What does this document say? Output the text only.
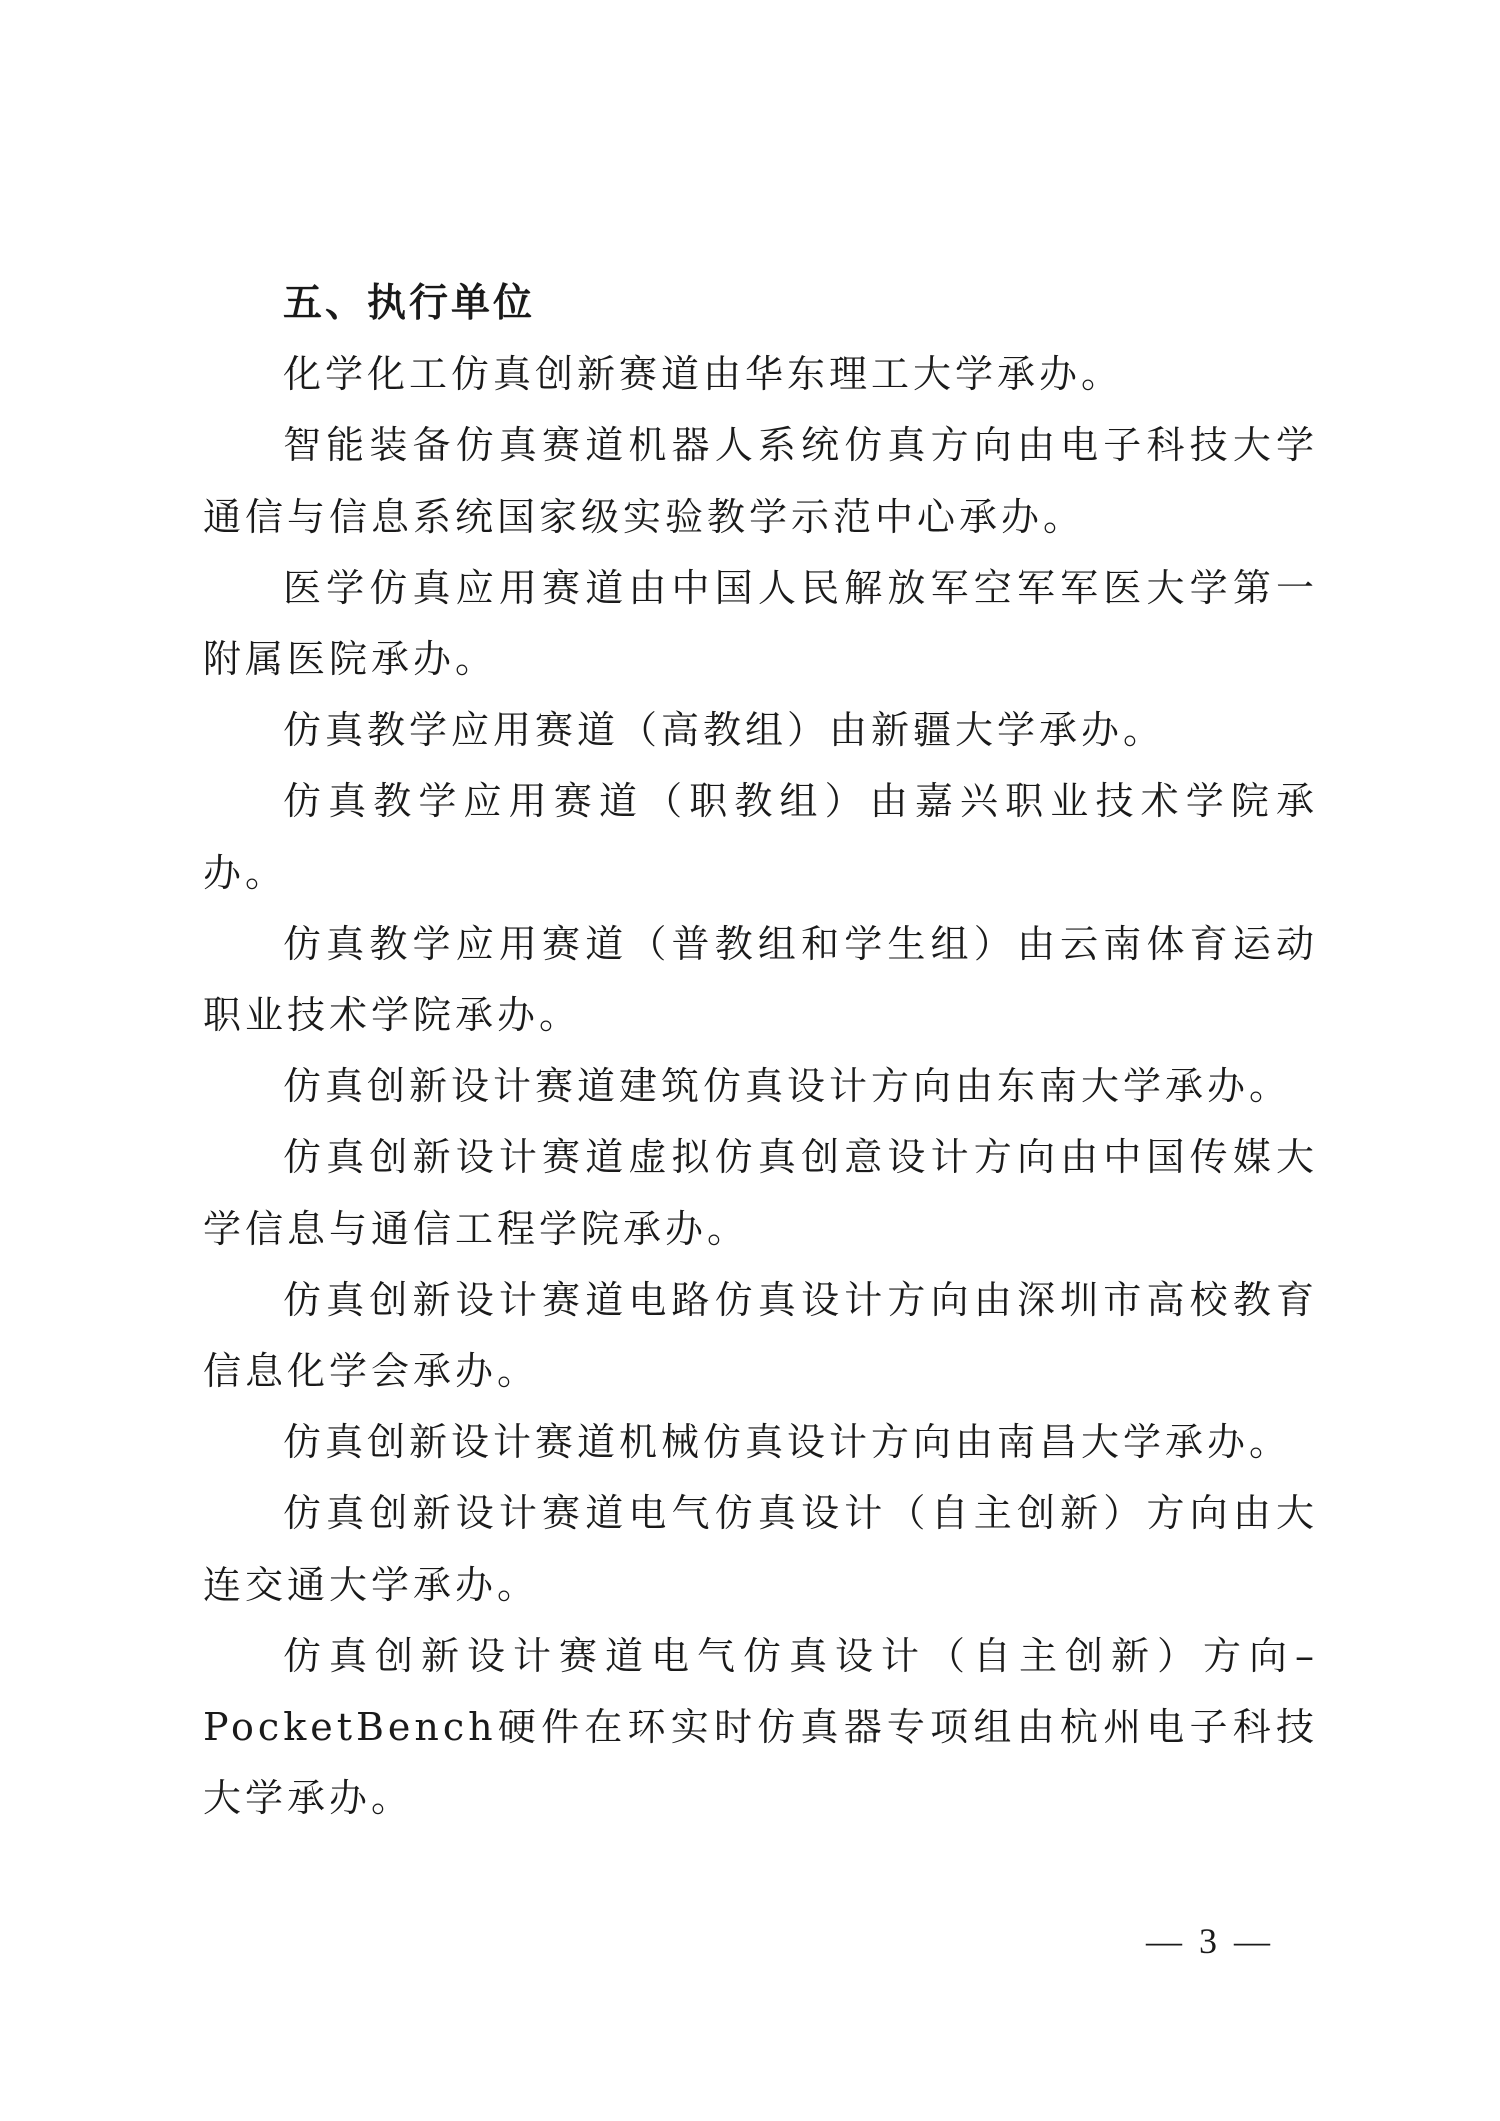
五、执行单位

化学化工仿真创新赛道由华东理工大学承办。

智能装备仿真赛道机器人系统仿真方向由电子科技大学通信与信息系统国家级实验教学示范中心承办。

医学仿真应用赛道由中国人民解放军空军军医大学第一附属医院承办。

仿真教学应用赛道（高教组）由新疆大学承办。

仿真教学应用赛道（职教组）由嘉兴职业技术学院承办。

仿真教学应用赛道（普教组和学生组）由云南体育运动职业技术学院承办。

仿真创新设计赛道建筑仿真设计方向由东南大学承办。

仿真创新设计赛道虚拟仿真创意设计方向由中国传媒大学信息与通信工程学院承办。

仿真创新设计赛道电路仿真设计方向由深圳市高校教育信息化学会承办。

仿真创新设计赛道机械仿真设计方向由南昌大学承办。

仿真创新设计赛道电气仿真设计（自主创新）方向由大连交通大学承办。

仿真创新设计赛道电气仿真设计（自主创新）方向–PocketBench硬件在环实时仿真器专项组由杭州电子科技大学承办。

— 3 —
